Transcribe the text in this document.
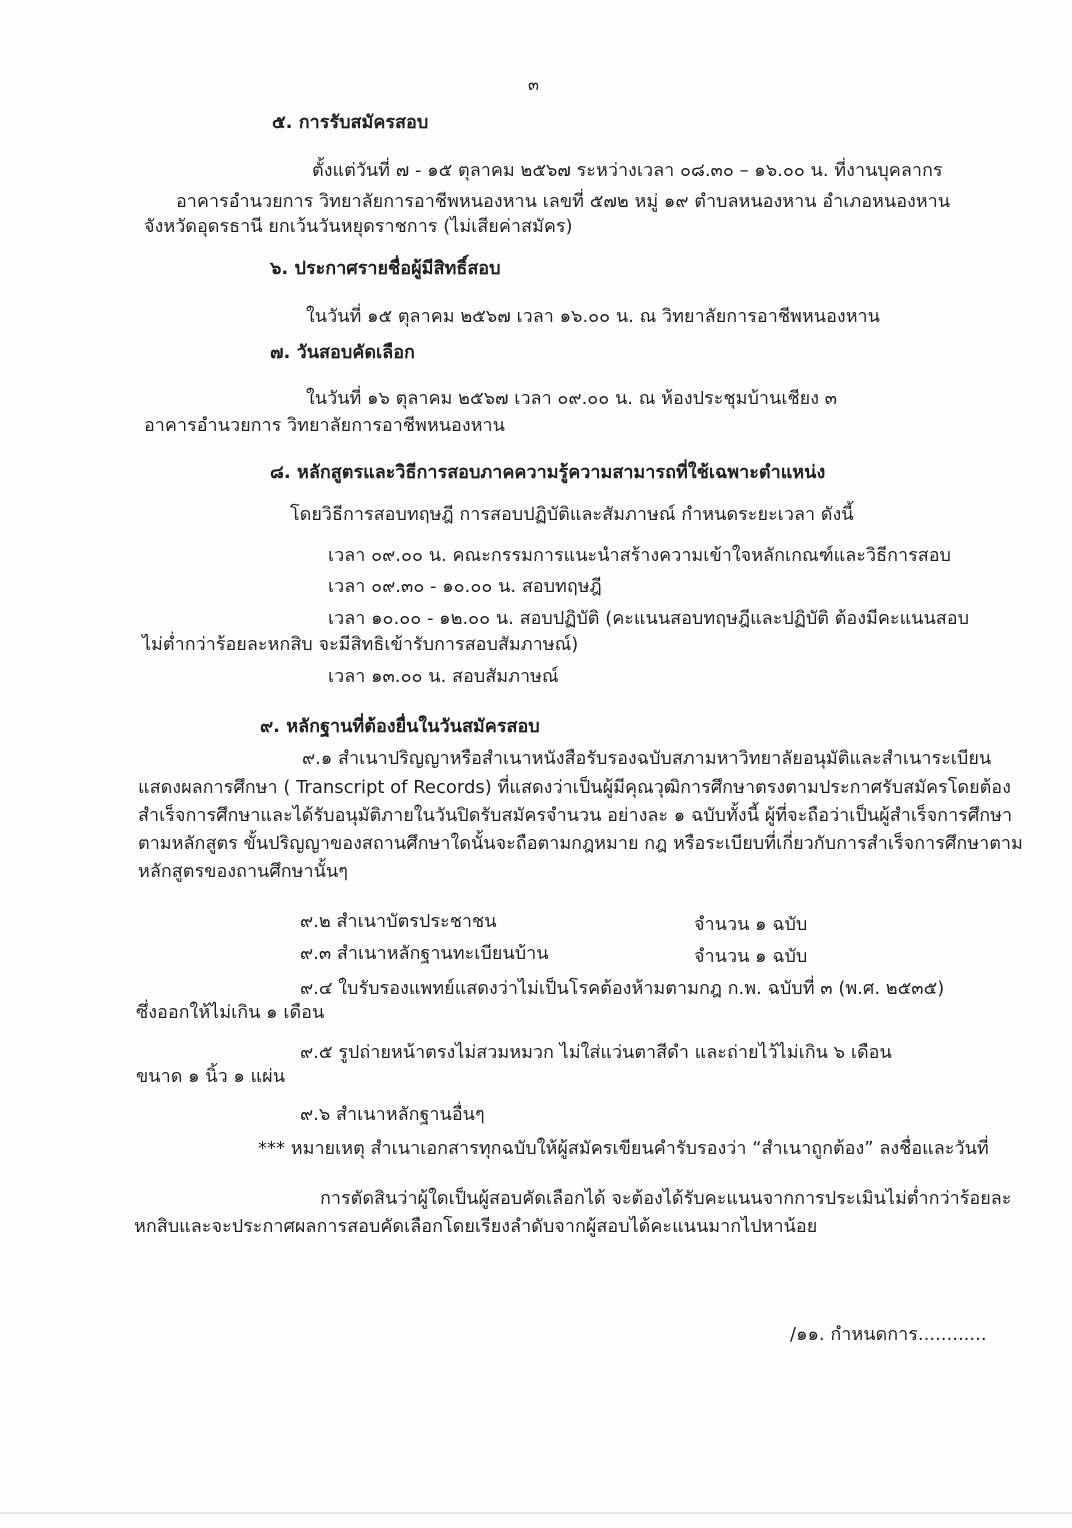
๓
๕. การรับสมัครสอบ
ตั้งแต่วันที่ ๗ - ๑๕ ตุลาคม ๒๕๖๗ ระหว่างเวลา ๐๘.๓๐ – ๑๖.๐๐ น. ที่งานบุคลากร
อาคารอำนวยการ วิทยาลัยการอาชีพหนองหาน เลขที่ ๕๗๒ หมู่ ๑๙ ตำบลหนองหาน อำเภอหนองหาน
จังหวัดอุดรธานี ยกเว้นวันหยุดราชการ (ไม่เสียค่าสมัคร)
๖. ประกาศรายชื่อผู้มีสิทธิ์สอบ
ในวันที่ ๑๕ ตุลาคม ๒๕๖๗ เวลา ๑๖.๐๐ น. ณ วิทยาลัยการอาชีพหนองหาน
๗. วันสอบคัดเลือก
ในวันที่ ๑๖ ตุลาคม ๒๕๖๗ เวลา ๐๙.๐๐ น. ณ ห้องประชุมบ้านเชียง ๓
อาคารอำนวยการ วิทยาลัยการอาชีพหนองหาน
๘. หลักสูตรและวิธีการสอบภาคความรู้ความสามารถที่ใช้เฉพาะตำแหน่ง
โดยวิธีการสอบทฤษฎี การสอบปฏิบัติและสัมภาษณ์ กำหนดระยะเวลา ดังนี้
เวลา ๐๙.๐๐ น. คณะกรรมการแนะนำสร้างความเข้าใจหลักเกณฑ์และวิธีการสอบ
เวลา ๐๙.๓๐ - ๑๐.๐๐ น. สอบทฤษฎี
เวลา ๑๐.๐๐ - ๑๒.๐๐ น. สอบปฏิบัติ (คะแนนสอบทฤษฎีและปฏิบัติ ต้องมีคะแนนสอบ
ไม่ต่ำกว่าร้อยละหกสิบ จะมีสิทธิเข้ารับการสอบสัมภาษณ์)
เวลา ๑๓.๐๐ น. สอบสัมภาษณ์
๙. หลักฐานที่ต้องยื่นในวันสมัครสอบ
๙.๑ สำเนาปริญญาหรือสำเนาหนังสือรับรองฉบับสภามหาวิทยาลัยอนุมัติและสำเนาระเบียน
แสดงผลการศึกษา ( Transcript of Records) ที่แสดงว่าเป็นผู้มีคุณวุฒิการศึกษาตรงตามประกาศรับสมัครโดยต้อง
สำเร็จการศึกษาและได้รับอนุมัติภายในวันปิดรับสมัครจำนวน อย่างละ ๑ ฉบับทั้งนี้ ผู้ที่จะถือว่าเป็นผู้สำเร็จการศึกษา
ตามหลักสูตร ขั้นปริญญาของสถานศึกษาใดนั้นจะถือตามกฎหมาย กฎ หรือระเบียบที่เกี่ยวกับการสำเร็จการศึกษาตาม
หลักสูตรของถานศึกษานั้นๆ
๙.๒ สำเนาบัตรประชาชน	จำนวน ๑ ฉบับ
๙.๓ สำเนาหลักฐานทะเบียนบ้าน	จำนวน ๑ ฉบับ
๙.๔ ใบรับรองแพทย์แสดงว่าไม่เป็นโรคต้องห้ามตามกฎ ก.พ. ฉบับที่ ๓ (พ.ศ. ๒๕๓๕)
ซึ่งออกให้ไม่เกิน ๑ เดือน
๙.๕ รูปถ่ายหน้าตรงไม่สวมหมวก ไม่ใส่แว่นตาสีดำ และถ่ายไว้ไม่เกิน ๖ เดือน
ขนาด ๑ นิ้ว ๑ แผ่น
๙.๖ สำเนาหลักฐานอื่นๆ
*** หมายเหตุ สำเนาเอกสารทุกฉบับให้ผู้สมัครเขียนคำรับรองว่า “สำเนาถูกต้อง” ลงชื่อและวันที่
การตัดสินว่าผู้ใดเป็นผู้สอบคัดเลือกได้ จะต้องได้รับคะแนนจากการประเมินไม่ต่ำกว่าร้อยละ
หกสิบและจะประกาศผลการสอบคัดเลือกโดยเรียงลำดับจากผู้สอบได้คะแนนมากไปหาน้อย
/๑๑. กำหนดการ............
